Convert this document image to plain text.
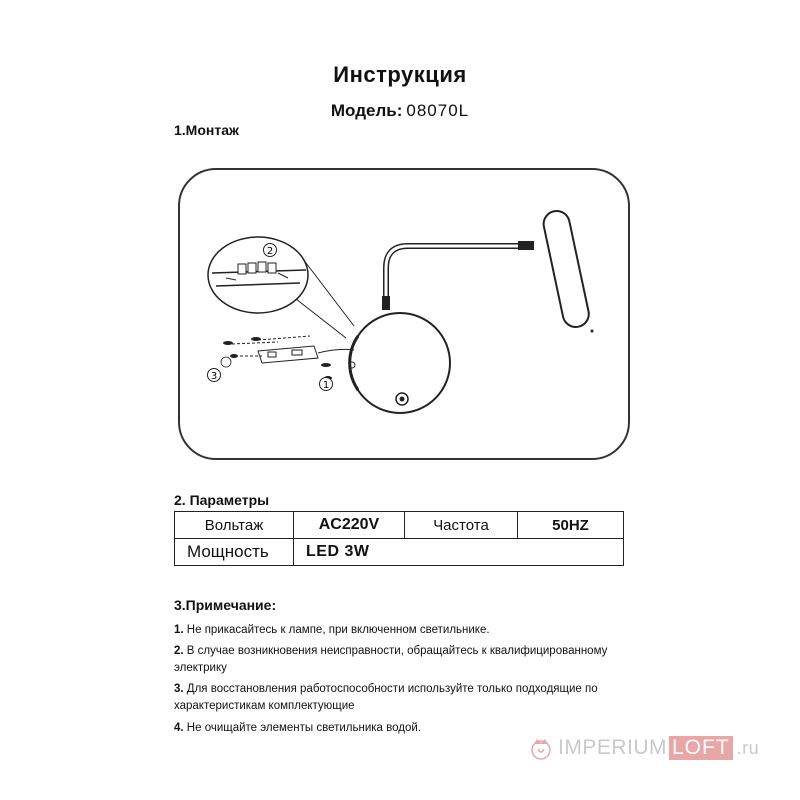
Инструкция
Модель: 08070L
1.Монтаж
2
1
3
2. Параметры
Вольтаж	AC220V	Частота	50HZ
Мощность	LED 3W		
3.Примечание:
1. Не прикасайтесь к лампе, при включенном светильнике.
2. В случае возникновения неисправности, обращайтесь к квалифицированному электрику
3. Для восстановления работоспособности используйте только подходящие по характеристикам комплектующие
4. Не очищайте элементы светильника водой.
IMPERIUM LOFT .ru
